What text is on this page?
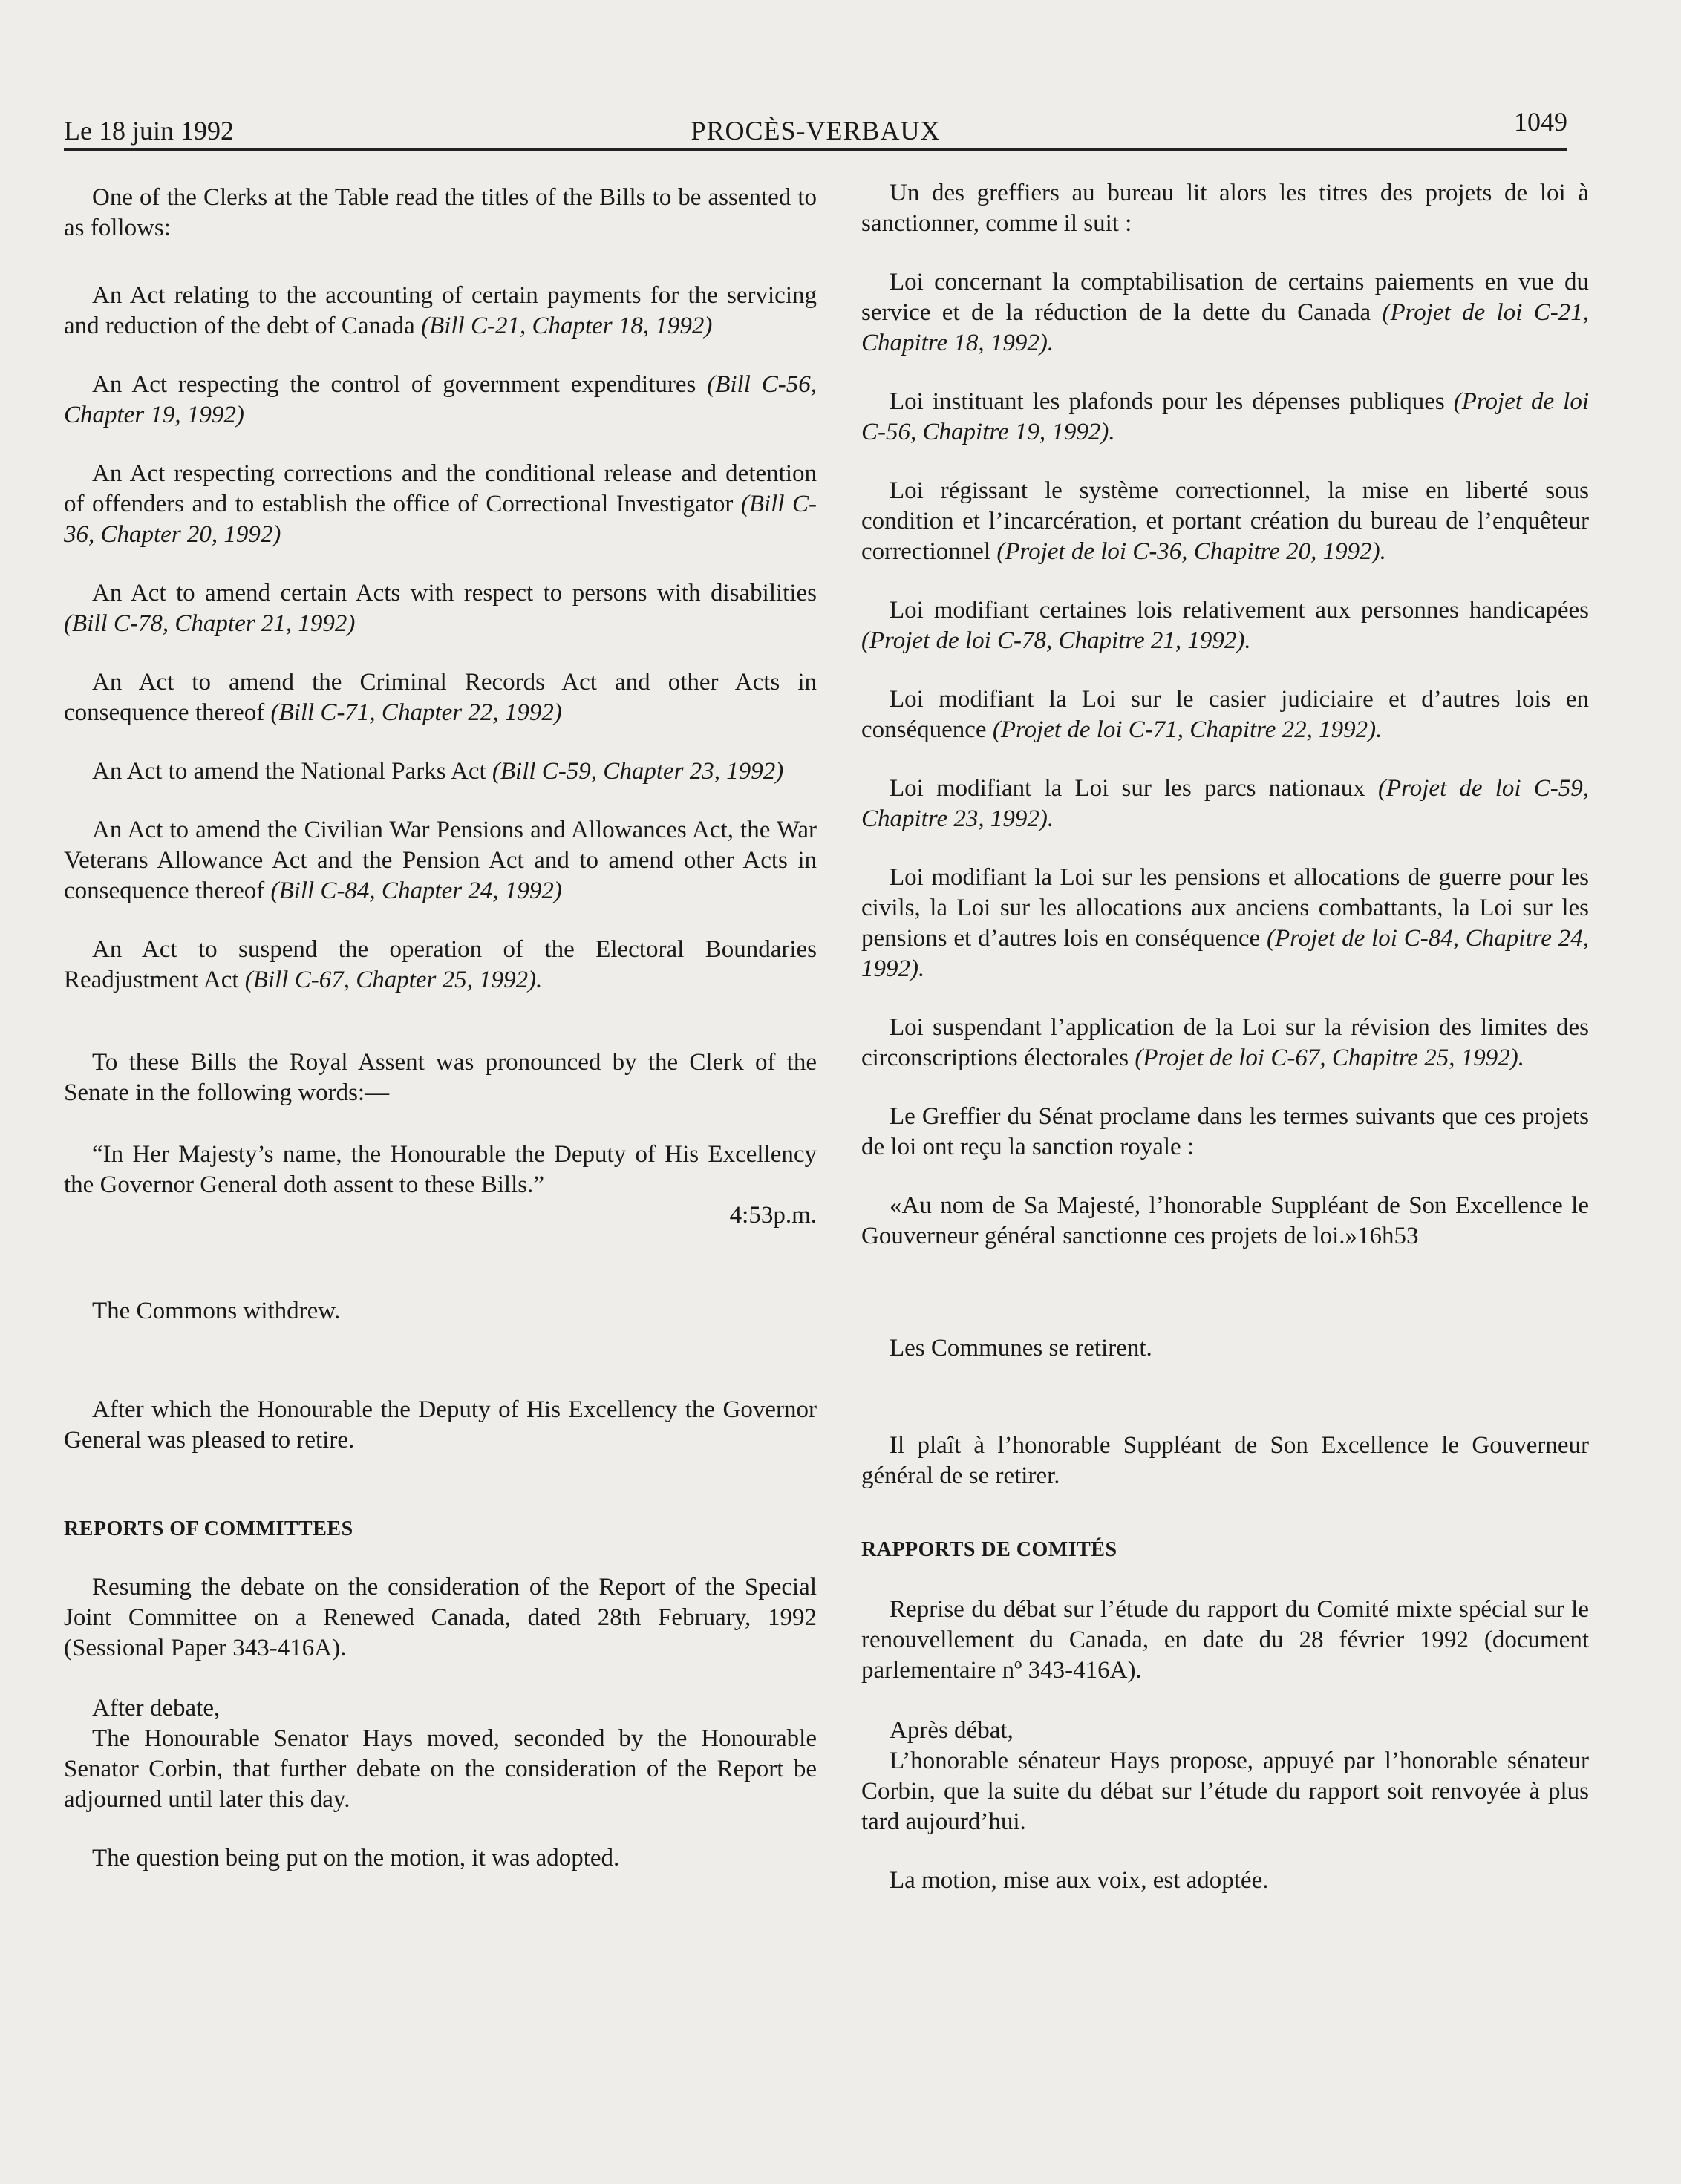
Le 18 juin 1992	PROCÈS-VERBAUX	1049

One of the Clerks at the Table read the titles of the Bills to be assented to as follows:

An Act relating to the accounting of certain payments for the servicing and reduction of the debt of Canada (Bill C-21, Chapter 18, 1992)

An Act respecting the control of government expenditures (Bill C-56, Chapter 19, 1992)

An Act respecting corrections and the conditional release and detention of offenders and to establish the office of Correctional Investigator (Bill C-36, Chapter 20, 1992)

An Act to amend certain Acts with respect to persons with disabilities (Bill C-78, Chapter 21, 1992)

An Act to amend the Criminal Records Act and other Acts in consequence thereof (Bill C-71, Chapter 22, 1992)

An Act to amend the National Parks Act (Bill C-59, Chapter 23, 1992)

An Act to amend the Civilian War Pensions and Allowances Act, the War Veterans Allowance Act and the Pension Act and to amend other Acts in consequence thereof (Bill C-84, Chapter 24, 1992)

An Act to suspend the operation of the Electoral Boundaries Readjustment Act (Bill C-67, Chapter 25, 1992).

To these Bills the Royal Assent was pronounced by the Clerk of the Senate in the following words:—

“In Her Majesty’s name, the Honourable the Deputy of His Excellency the Governor General doth assent to these Bills.”
4:53p.m.

The Commons withdrew.

After which the Honourable the Deputy of His Excellency the Governor General was pleased to retire.

REPORTS OF COMMITTEES

Resuming the debate on the consideration of the Report of the Special Joint Committee on a Renewed Canada, dated 28th February, 1992 (Sessional Paper 343-416A).

After debate,

The Honourable Senator Hays moved, seconded by the Honourable Senator Corbin, that further debate on the consideration of the Report be adjourned until later this day.

The question being put on the motion, it was adopted.

Un des greffiers au bureau lit alors les titres des projets de loi à sanctionner, comme il suit :

Loi concernant la comptabilisation de certains paiements en vue du service et de la réduction de la dette du Canada (Projet de loi C-21, Chapitre 18, 1992).

Loi instituant les plafonds pour les dépenses publiques (Projet de loi C-56, Chapitre 19, 1992).

Loi régissant le système correctionnel, la mise en liberté sous condition et l’incarcération, et portant création du bureau de l’enquêteur correctionnel (Projet de loi C-36, Chapitre 20, 1992).

Loi modifiant certaines lois relativement aux personnes handicapées (Projet de loi C-78, Chapitre 21, 1992).

Loi modifiant la Loi sur le casier judiciaire et d’autres lois en conséquence (Projet de loi C-71, Chapitre 22, 1992).

Loi modifiant la Loi sur les parcs nationaux (Projet de loi C-59, Chapitre 23, 1992).

Loi modifiant la Loi sur les pensions et allocations de guerre pour les civils, la Loi sur les allocations aux anciens combattants, la Loi sur les pensions et d’autres lois en conséquence (Projet de loi C-84, Chapitre 24, 1992).

Loi suspendant l’application de la Loi sur la révision des limites des circonscriptions électorales (Projet de loi C-67, Chapitre 25, 1992).

Le Greffier du Sénat proclame dans les termes suivants que ces projets de loi ont reçu la sanction royale :

«Au nom de Sa Majesté, l’honorable Suppléant de Son Excellence le Gouverneur général sanctionne ces projets de loi.»16h53

Les Communes se retirent.

Il plaît à l’honorable Suppléant de Son Excellence le Gouverneur général de se retirer.

RAPPORTS DE COMITÉS

Reprise du débat sur l’étude du rapport du Comité mixte spécial sur le renouvellement du Canada, en date du 28 février 1992 (document parlementaire nº 343-416A).

Après débat,

L’honorable sénateur Hays propose, appuyé par l’honorable sénateur Corbin, que la suite du débat sur l’étude du rapport soit renvoyée à plus tard aujourd’hui.

La motion, mise aux voix, est adoptée.
